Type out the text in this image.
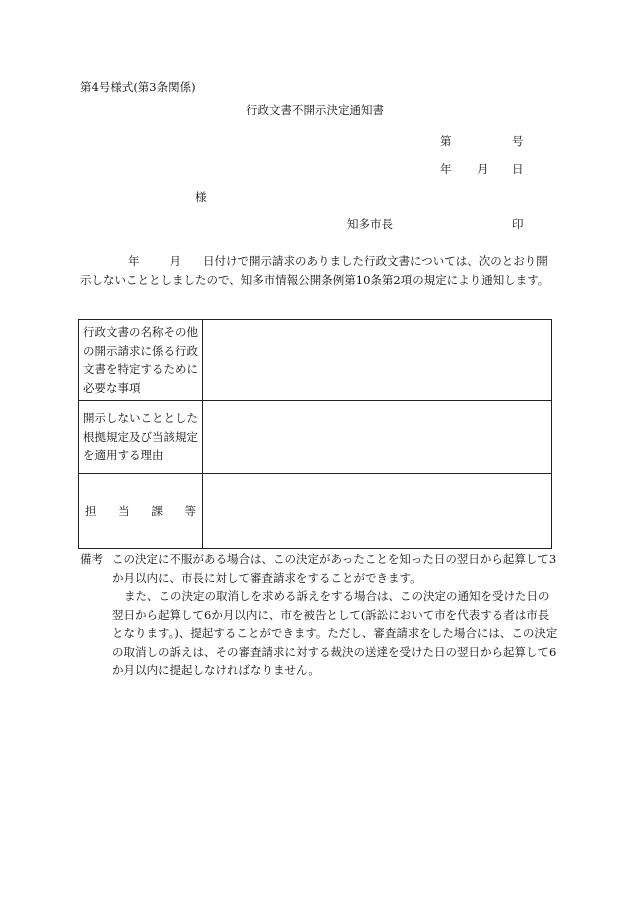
第4号様式(第3条関係)
行政文書不開示決定通知書
第	号
年 月 日
様
知多市長	印
年	月 日付けで開示請求のありました行政文書については、次のとおり開示しないこととしましたので、知多市情報公開条例第10条第2項の規定により通知します。
行政文書の名称その他の開示請求に係る行政文書を特定するために必要な事項	
開示しないこととした根拠規定及び当該規定を適用する理由	

担 当 課 等	

備考 この決定に不服がある場合は、この決定があったことを知った日の翌日から起算して3か月以内に、市長に対して審査請求をすることができます。
また、この決定の取消しを求める訴えをする場合は、この決定の通知を受けた日の翌日から起算して6か月以内に、市を被告として(訴訟において市を代表する者は市長となります。)、提起することができます。ただし、審査請求をした場合には、この決定の取消しの訴えは、その審査請求に対する裁決の送達を受けた日の翌日から起算して6か月以内に提起しなければなりません。
